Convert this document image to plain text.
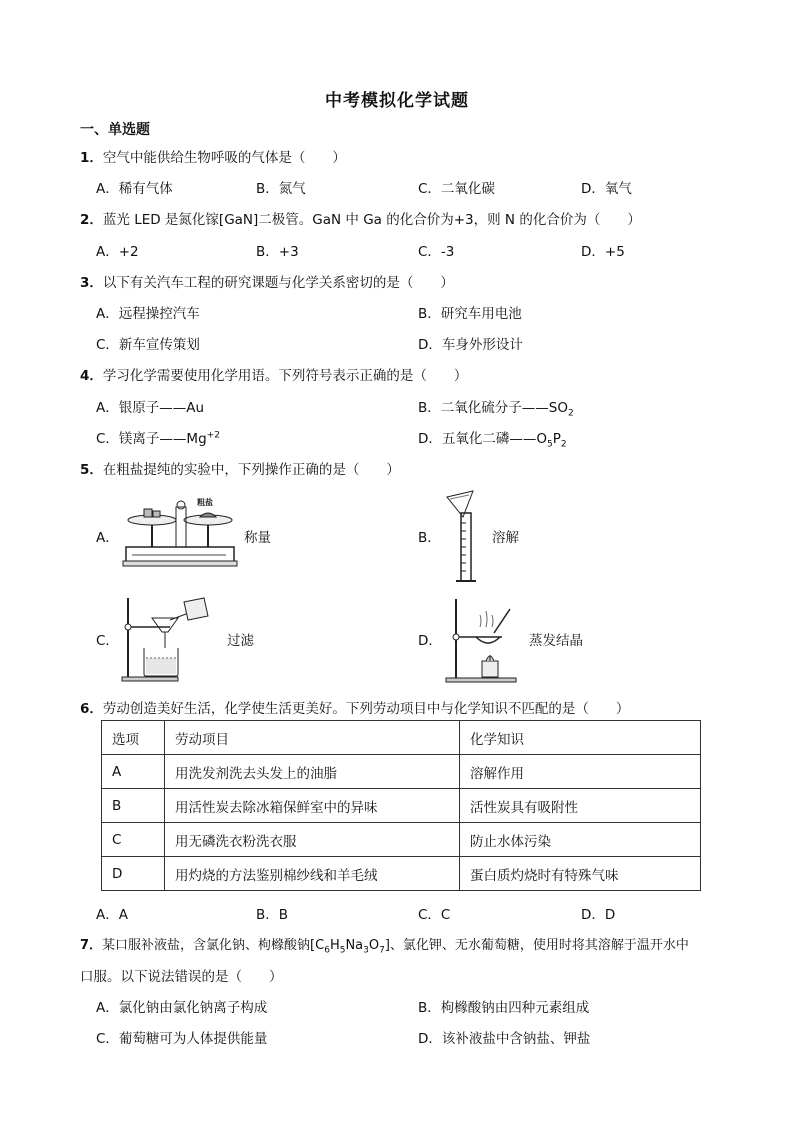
中考模拟化学试题
一、单选题
1．空气中能供给生物呼吸的气体是（　　）
A．稀有气体	B．氮气	C．二氧化碳	D．氧气
2．蓝光 LED 是氮化镓[GaN]二极管。GaN 中 Ga 的化合价为+3，则 N 的化合价为（　　）
A．+2	B．+3	C．-3	D．+5
3．以下有关汽车工程的研究课题与化学关系密切的是（　　）
A．远程操控汽车	B．研究车用电池
C．新车宣传策划	D．车身外形设计
4．学习化学需要使用化学用语。下列符号表示正确的是（　　）
A．银原子——Au	B．二氧化硫分子$——SO_2$
C．镁离子$——Mg^{+2}$	D．五氧化二磷$——O_5P_2$
5．在粗盐提纯的实验中，下列操作正确的是（　　）
A．
粗盐
称量	B．	溶解
C．	过滤	D．	蒸发结晶
6．劳动创造美好生活，化学使生活更美好。下列劳动项目中与化学知识不匹配的是（　　）
选项	劳动项目	化学知识
A	用洗发剂洗去头发上的油脂	溶解作用
B	用活性炭去除冰箱保鲜室中的异味	活性炭具有吸附性
C	用无磷洗衣粉洗衣服	防止水体污染
D	用灼烧的方法鉴别棉纱线和羊毛绒	蛋白质灼烧时有特殊气味
A．A	B．B	C．C	D．D
7．某口服补液盐，含氯化钠、枸橼酸钠$[C_6H_5Na_3O_7]$、氯化钾、无水葡萄糖，使用时将其溶解于温开水中
口服。以下说法错误的是（　　）
A．氯化钠由氯化钠离子构成	B．枸橼酸钠由四种元素组成
C．葡萄糖可为人体提供能量	D．该补液盐中含钠盐、钾盐
